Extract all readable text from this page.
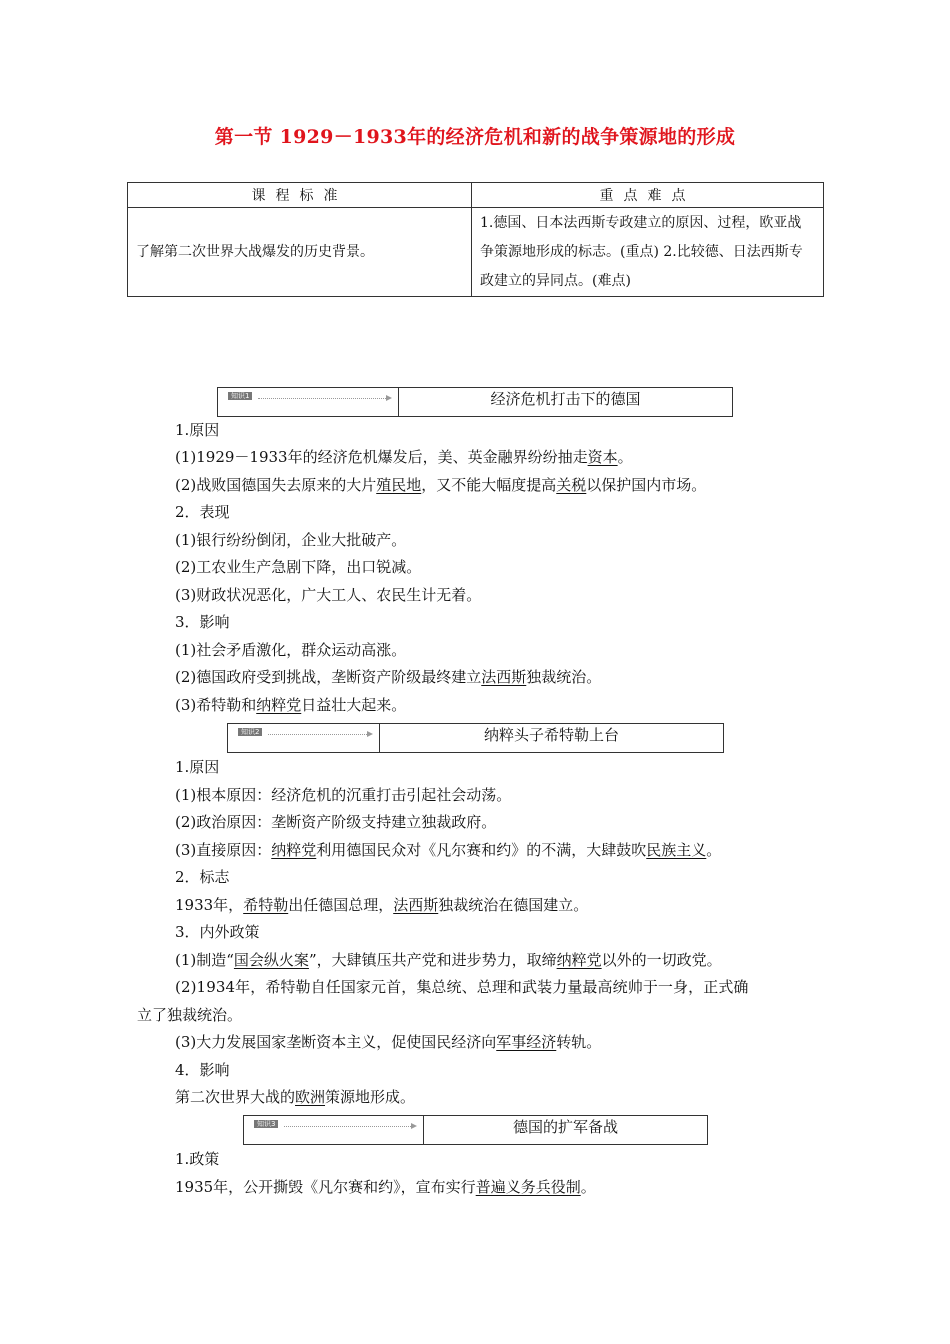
第一节 1929－1933年的经济危机和新的战争策源地的形成
课程标准	重点难点
了解第二次世界大战爆发的历史背景。	1.德国、日本法西斯专政建立的原因、过程，欧亚战争策源地形成的标志。(重点) 2.比较德、日法西斯专政建立的异同点。(难点)
知识1	经济危机打击下的德国
1.原因
(1)1929－1933年的经济危机爆发后，美、英金融界纷纷抽走资本。
(2)战败国德国失去原来的大片殖民地，又不能大幅度提高关税以保护国内市场。
2．表现
(1)银行纷纷倒闭，企业大批破产。
(2)工农业生产急剧下降，出口锐减。
(3)财政状况恶化，广大工人、农民生计无着。
3．影响
(1)社会矛盾激化，群众运动高涨。
(2)德国政府受到挑战，垄断资产阶级最终建立法西斯独裁统治。
(3)希特勒和纳粹党日益壮大起来。
知识2	纳粹头子希特勒上台
1.原因
(1)根本原因：经济危机的沉重打击引起社会动荡。
(2)政治原因：垄断资产阶级支持建立独裁政府。
(3)直接原因：纳粹党利用德国民众对《凡尔赛和约》的不满，大肆鼓吹民族主义。
2．标志
1933年，希特勒出任德国总理，法西斯独裁统治在德国建立。
3．内外政策
(1)制造“国会纵火案”，大肆镇压共产党和进步势力，取缔纳粹党以外的一切政党。
(2)1934年，希特勒自任国家元首，集总统、总理和武装力量最高统帅于一身，正式确
立了独裁统治。
(3)大力发展国家垄断资本主义，促使国民经济向军事经济转轨。
4．影响
第二次世界大战的欧洲策源地形成。
知识3	德国的扩军备战
1.政策
1935年，公开撕毁《凡尔赛和约》，宣布实行普遍义务兵役制。
